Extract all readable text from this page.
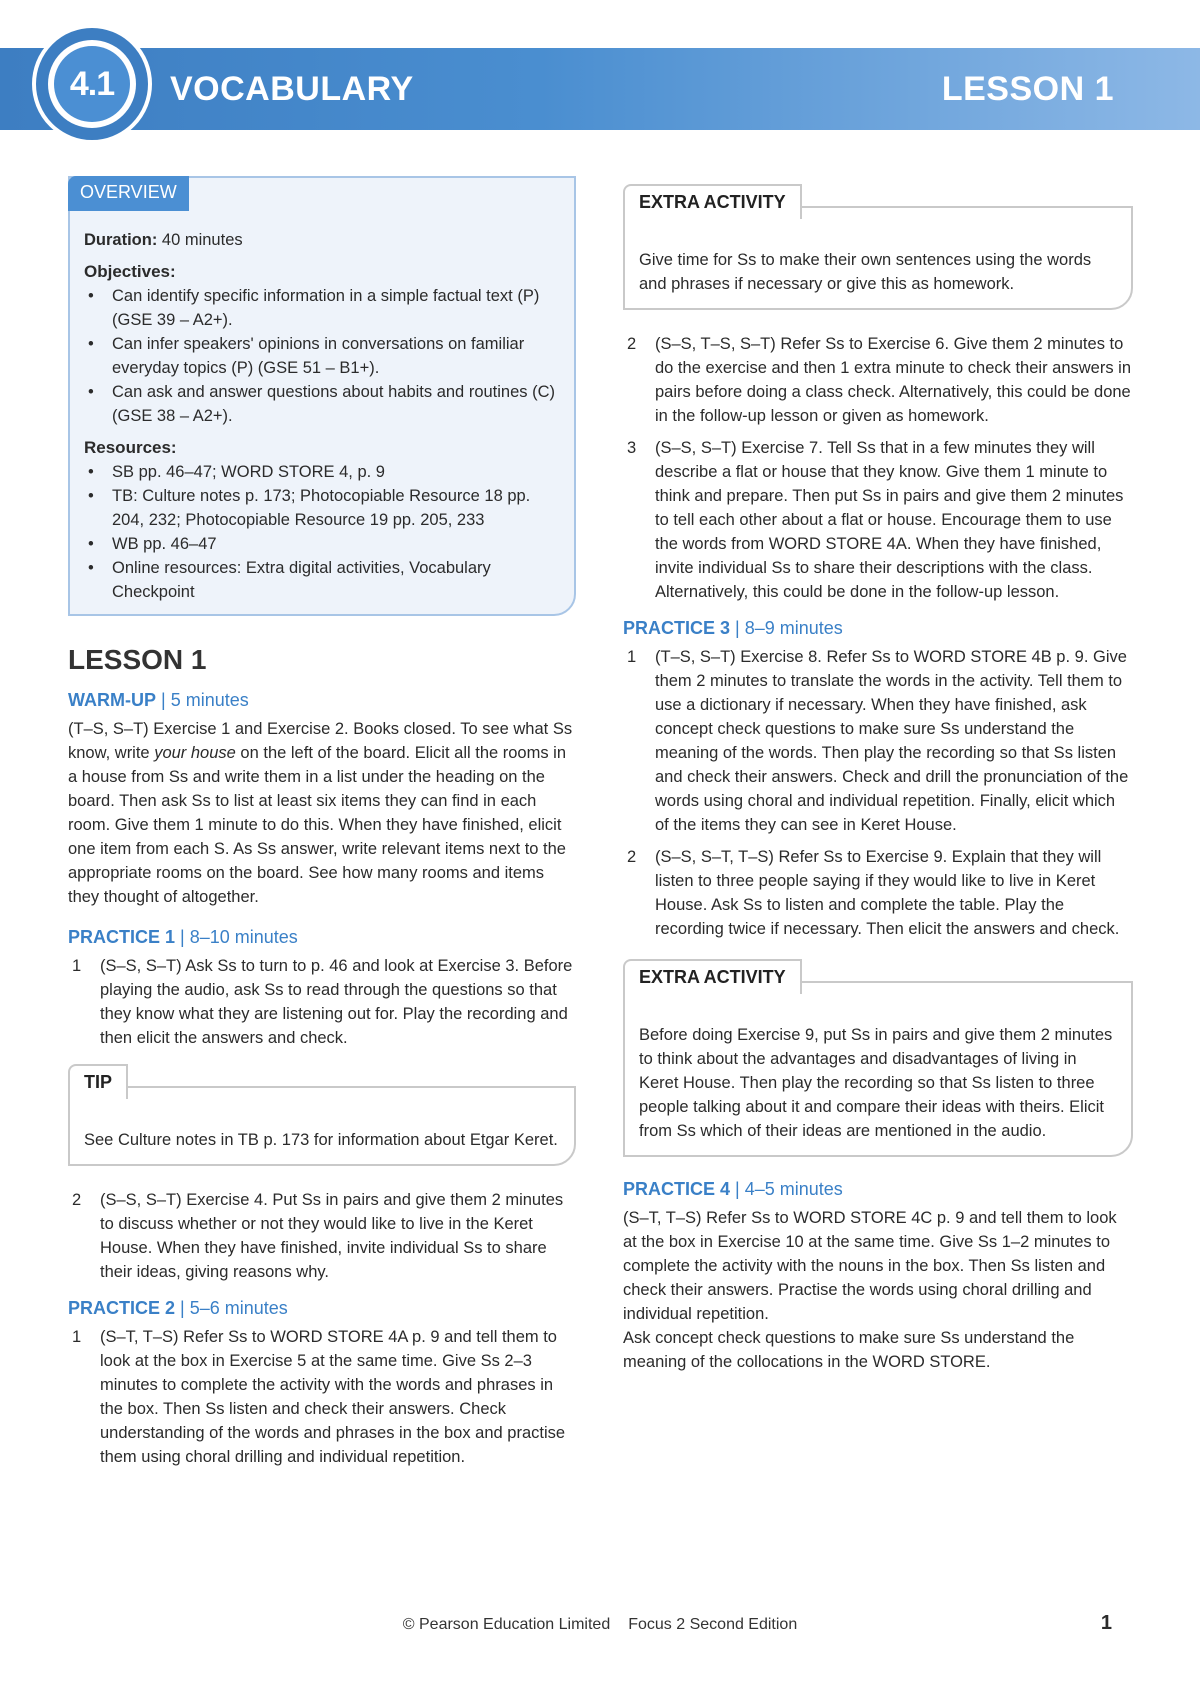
4.1	VOCABULARY	LESSON 1
OVERVIEW

Duration: 40 minutes

Objectives:

• Can identify specific information in a simple factual text (P) (GSE 39 – A2+).
• Can infer speakers' opinions in conversations on familiar everyday topics (P) (GSE 51 – B1+).
• Can ask and answer questions about habits and routines (C) (GSE 38 – A2+).

Resources:

• SB pp. 46–47; WORD STORE 4, p. 9
• TB: Culture notes p. 173; Photocopiable Resource 18 pp. 204, 232; Photocopiable Resource 19 pp. 205, 233
• WB pp. 46–47
• Online resources: Extra digital activities, Vocabulary Checkpoint
LESSON 1
WARM-UP | 5 minutes

(T–S, S–T) Exercise 1 and Exercise 2. Books closed. To see what Ss know, write your house on the left of the board. Elicit all the rooms in a house from Ss and write them in a list under the heading on the board. Then ask Ss to list at least six items they can find in each room. Give them 1 minute to do this. When they have finished, elicit one item from each S. As Ss answer, write relevant items next to the appropriate rooms on the board. See how many rooms and items they thought of altogether.

PRACTICE 1 | 8–10 minutes
1 (S–S, S–T) Ask Ss to turn to p. 46 and look at Exercise 3. Before playing the audio, ask Ss to read through the questions so that they know what they are listening out for. Play the recording and then elicit the answers and check.
TIP

See Culture notes in TB p. 173 for information about Etgar Keret.

2 (S–S, S–T) Exercise 4. Put Ss in pairs and give them 2 minutes to discuss whether or not they would like to live in the Keret House. When they have finished, invite individual Ss to share their ideas, giving reasons why.
PRACTICE 2 | 5–6 minutes
1 (S–T, T–S) Refer Ss to WORD STORE 4A p. 9 and tell them to look at the box in Exercise 5 at the same time. Give Ss 2–3 minutes to complete the activity with the words and phrases in the box. Then Ss listen and check their answers. Check understanding of the words and phrases in the box and practise them using choral drilling and individual repetition.
EXTRA ACTIVITY

Give time for Ss to make their own sentences using the words and phrases if necessary or give this as homework.

2 (S–S, T–S, S–T) Refer Ss to Exercise 6. Give them 2 minutes to do the exercise and then 1 extra minute to check their answers in pairs before doing a class check. Alternatively, this could be done in the follow-up lesson or given as homework.
3 (S–S, S–T) Exercise 7. Tell Ss that in a few minutes they will describe a flat or house that they know. Give them 1 minute to think and prepare. Then put Ss in pairs and give them 2 minutes to tell each other about a flat or house. Encourage them to use the words from WORD STORE 4A. When they have finished, invite individual Ss to share their descriptions with the class. Alternatively, this could be done in the follow-up lesson.
PRACTICE 3 | 8–9 minutes
1 (T–S, S–T) Exercise 8. Refer Ss to WORD STORE 4B p. 9. Give them 2 minutes to translate the words in the activity. Tell them to use a dictionary if necessary. When they have finished, ask concept check questions to make sure Ss understand the meaning of the words. Then play the recording so that Ss listen and check their answers. Check and drill the pronunciation of the words using choral and individual repetition. Finally, elicit which of the items they can see in Keret House.
2 (S–S, S–T, T–S) Refer Ss to Exercise 9. Explain that they will listen to three people saying if they would like to live in Keret House. Ask Ss to listen and complete the table. Play the recording twice if necessary. Then elicit the answers and check.
EXTRA ACTIVITY

Before doing Exercise 9, put Ss in pairs and give them 2 minutes to think about the advantages and disadvantages of living in Keret House. Then play the recording so that Ss listen to three people talking about it and compare their ideas with theirs. Elicit from Ss which of their ideas are mentioned in the audio.

PRACTICE 4 | 4–5 minutes

(S–T, T–S) Refer Ss to WORD STORE 4C p. 9 and tell them to look at the box in Exercise 10 at the same time. Give Ss 1–2 minutes to complete the activity with the nouns in the box. Then Ss listen and check their answers. Practise the words using choral drilling and individual repetition.

Ask concept check questions to make sure Ss understand the meaning of the collocations in the WORD STORE.

© Pearson Education Limited Focus 2 Second Edition	1
